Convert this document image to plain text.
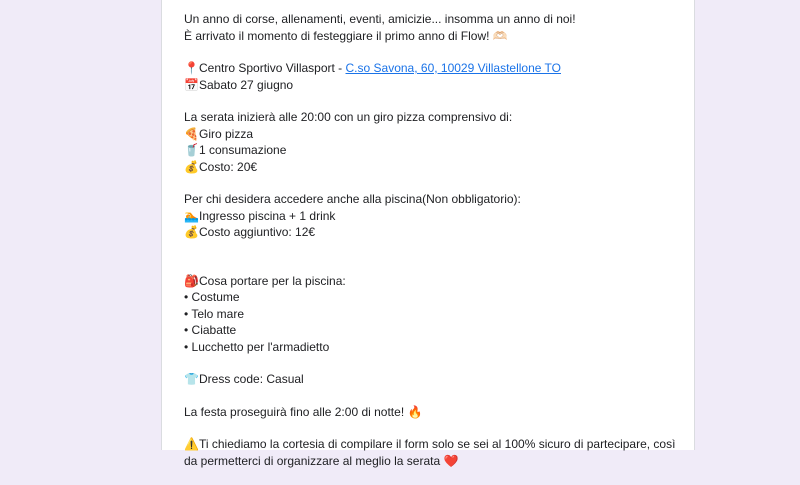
Un anno di corse, allenamenti, eventi, amicizie... insomma un anno di noi!
È arrivato il momento di festeggiare il primo anno di Flow! 🫶🏻
📍Centro Sportivo Villasport - C.so Savona, 60, 10029 Villastellone TO
📅Sabato 27 giugno
La serata inizierà alle 20:00 con un giro pizza comprensivo di:
🍕Giro pizza
🥤1 consumazione
💰Costo: 20€
Per chi desidera accedere anche alla piscina(Non obbligatorio):
🏊Ingresso piscina + 1 drink
💰Costo aggiuntivo: 12€
🎒Cosa portare per la piscina:
• Costume
• Telo mare
• Ciabatte
• Lucchetto per l'armadietto
👕Dress code: Casual
La festa proseguirà fino alle 2:00 di notte! 🔥
⚠️Ti chiediamo la cortesia di compilare il form solo se sei al 100% sicuro di partecipare, così da permetterci di organizzare al meglio la serata ❤️
